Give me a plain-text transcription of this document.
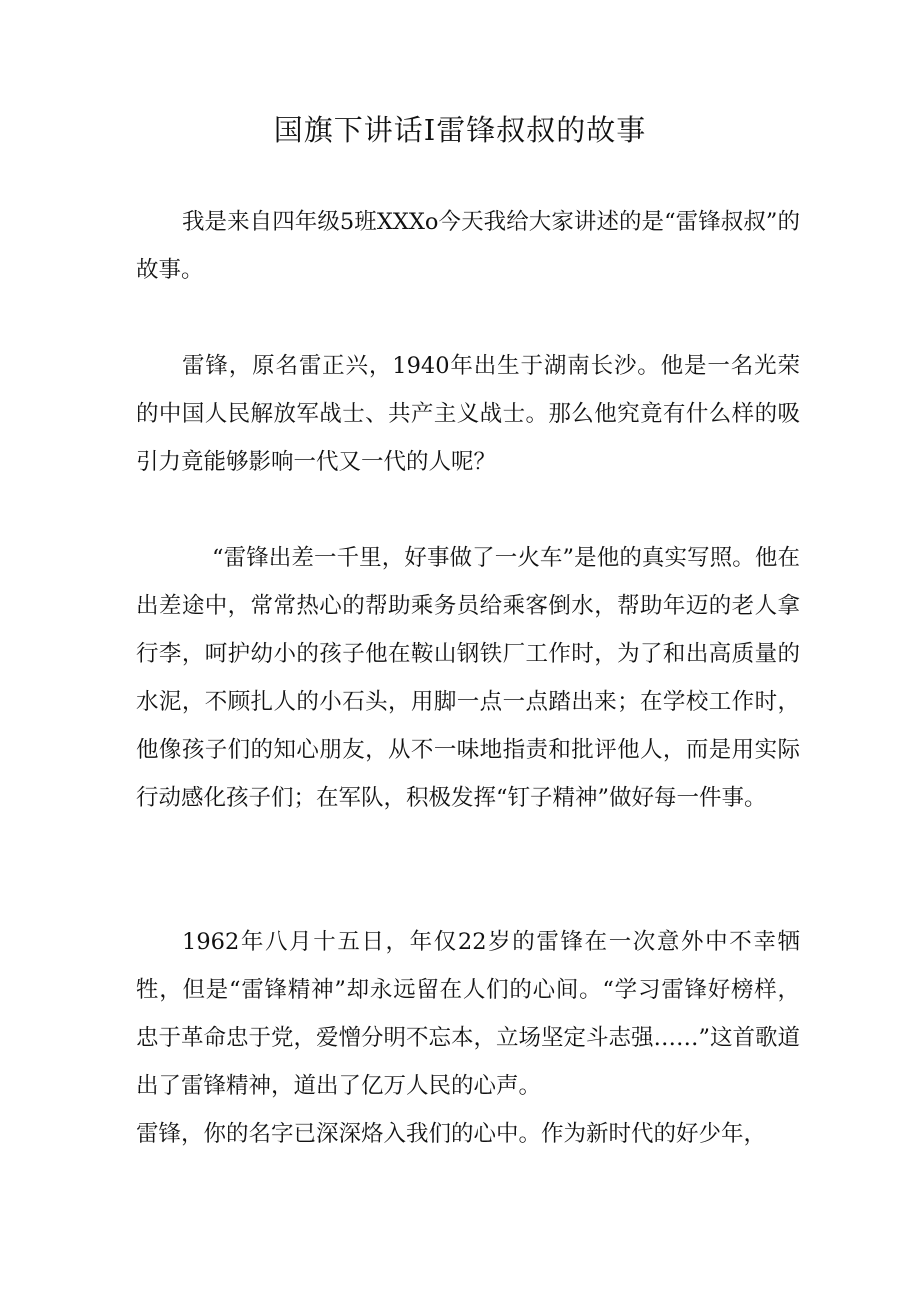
国旗下讲话I雷锋叔叔的故事

我是来自四年级5班XXXo今天我给大家讲述的是“雷锋叔叔”的故事。

雷锋，原名雷正兴，1940年出生于湖南长沙。他是一名光荣的中国人民解放军战士、共产主义战士。那么他究竟有什么样的吸引力竟能够影响一代又一代的人呢？

“雷锋出差一千里，好事做了一火车”是他的真实写照。他在出差途中，常常热心的帮助乘务员给乘客倒水，帮助年迈的老人拿行李，呵护幼小的孩子他在鞍山钢铁厂工作时，为了和出高质量的水泥，不顾扎人的小石头，用脚一点一点踏出来；在学校工作时，他像孩子们的知心朋友，从不一味地指责和批评他人，而是用实际行动感化孩子们；在军队，积极发挥“钉子精神”做好每一件事。

1962年八月十五日，年仅22岁的雷锋在一次意外中不幸牺牲，但是“雷锋精神”却永远留在人们的心间。“学习雷锋好榜样，忠于革命忠于党，爱憎分明不忘本，立场坚定斗志强……”这首歌道出了雷锋精神，道出了亿万人民的心声。

雷锋，你的名字已深深烙入我们的心中。作为新时代的好少年，
